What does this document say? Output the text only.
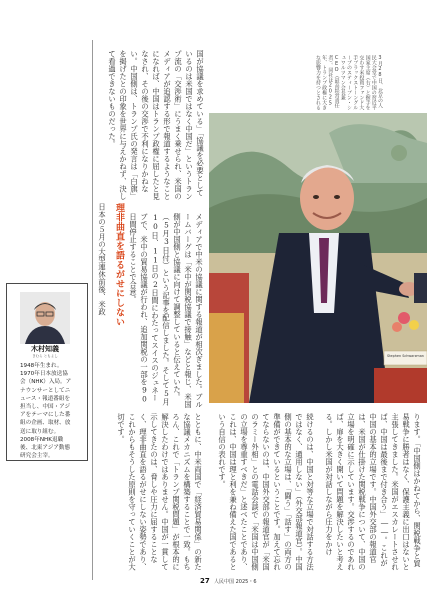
3月28日、北京の人民大会堂で中国の習近平国家主席（右）と握手を交わす米投資ファンド大手ブラックストーングループのスティーブン・シュワルツマン会長兼CEO（最高経営責任者）。同社は2025年、トランプ政権に大きな影響力を持つとされる
Stephen Schwarzman
ります。「中国側はかねてから、関税戦争と貿易戦争に勝者はなく、保護主義に出口はないと主張してきました。米国がエスカレートさせれば、中国は最後まで付き合う」――。これが中国の基本的立場です。中国外交部の報道官は、米国が仕掛けた関税戦争について、中国の立場を明確に示しています。交渉するのであれば、扉を大きく開いて問題を解決したいと考える。しかし米国が対話しながら圧力をかけ
続けるのは、中国と対等な立場で対話する方法ではなく、通用しない」（外交部報道官）。中国側の基本的な立場は、「闘う」「話す」の両方の準備ができているということです。加えて忘れてならないのは、中国外交部の報道官が「米国のラミー外相」との電話会談で「米国は中国側の立場を尊重すべきだ」と述べたことであり、これは、中国は理と利を兼ね備えた国であるという自信の表れです。
とともに、中米両国で「経済貿易関係」の新たな協議メカニズムを構築することで一致。もちろん、これで「トランプ関税問題」が根本的に解決したわけではありません。中国が一貫して示してきたのは、脅しや圧力に屈することなく、理非曲直を語るがせにしない姿勢であり、これからもそうした原則を守っていくことが大切です。
メディアで中米の協議に関する報道が相次ぎました。ブルームバーグは「米中が関税協議で接触」などと報じ、米国側が中国側と協議に向けて調整していると伝えていた。（5月3日付）という記事を配信しました。そして5月10日、11日の2日間にわたってスイスのジュネーブで、米中の貿易協議が行われ、追加関税の一部を90日間停止することで合意。
国が協議を求めている」「協議を必要としているのは米国ではなく中国だ」というトランプ流の「交渉術」にうまく乗せられ、米国のメディアが追認する形で報道するようなことになれば、中国はトランプ政権に屈したと見なされ、その後の交渉で不利になりかねない。中国側は、トランプ氏の発言は「白旗」を掲げたとの印象を世界に与えかねず、決して看過できないものだった。
理非曲直を語るがせにしない
日本の５月の大型連休前後、米政
木村知義
きむら ともよし
1948年生まれ。1970年日本放送協会（NHK）入局。アナウンサーとしてニュース・報道番組を担当し、中国・アジアをテーマにした番組の企画、取材、放送に取り組む。2008年NHK退職後、北東アジア動態研究会主宰。
27 人民中国 2025・6
